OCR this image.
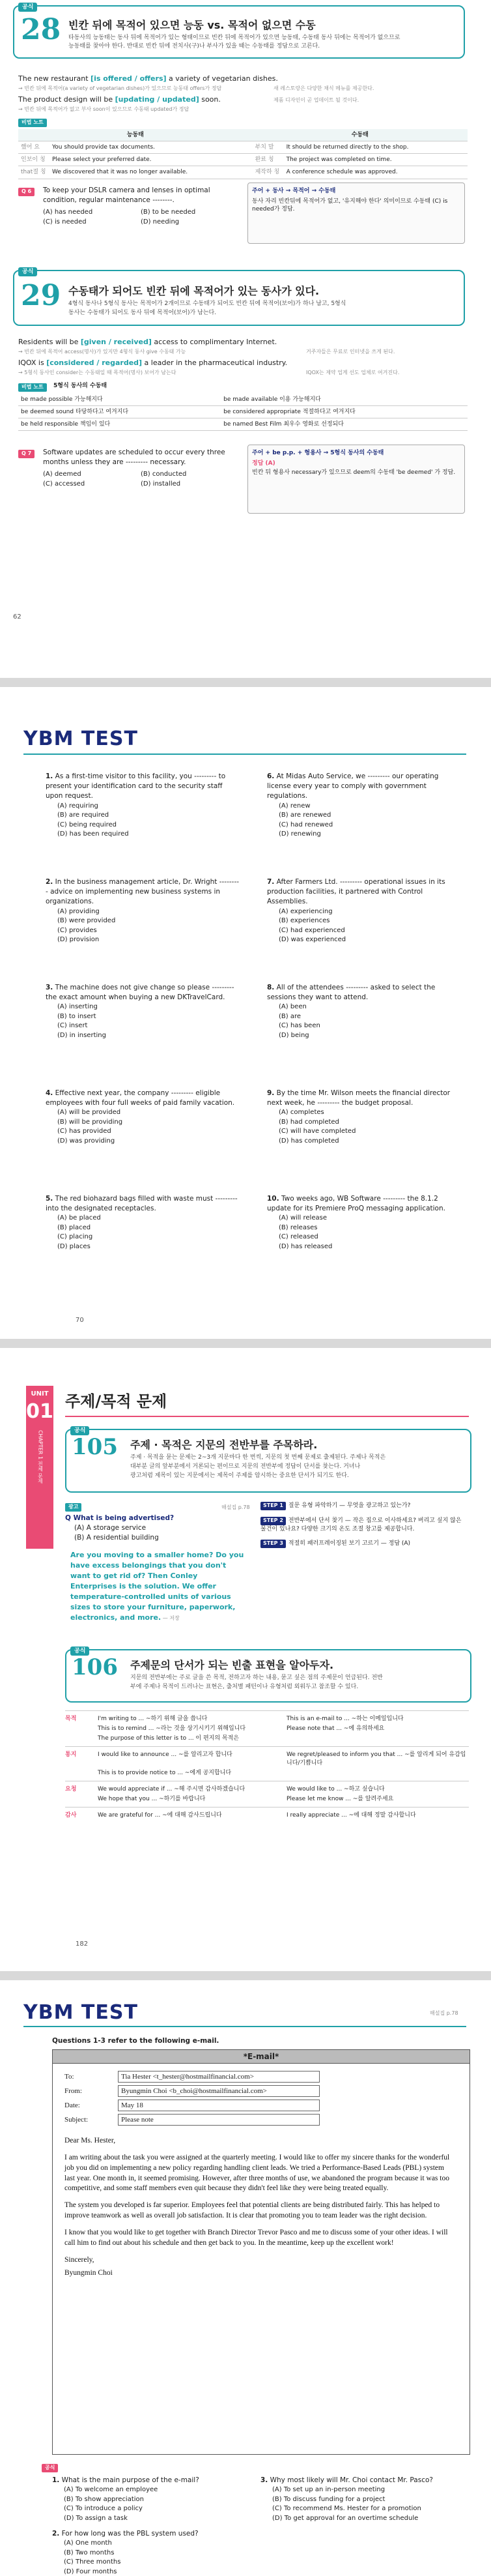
공식
28 빈칸 뒤에 목적어 있으면 능동 vs. 목적어 없으면 수동
타동사의 능동태는 동사 뒤에 목적어가 있는 형태이므로 빈칸 뒤에 목적어가 있으면 능동태, 수동태 동사 뒤에는 목적어가 없으므로
능동태를 찾아야 한다. 반대로 빈칸 뒤에 전치사(구)나 부사가 있을 때는 수동태를 정답으로 고른다.
The new restaurant [is offered / offers] a variety of vegetarian dishes.
→ 빈칸 뒤에 목적어(a variety of vegetarian dishes)가 있으므로 능동태 offers가 정답	새 레스토랑은 다양한 채식 메뉴를 제공한다.
The product design will be [updating / updated] soon.	제품 디자인이 곧 업데이트 될 것이다.
→ 빈칸 뒤에 목적어가 없고 부사 soon이 있으므로 수동태 updated가 정답
비법 노트
능동태		수동태	
했어 요	You should provide tax documents.	부치 말	It should be returned directly to the shop.
인보이 칭	Please select your preferred date.	완료 칭	The project was completed on time.
that절 칭	We discovered that it was no longer available.	제작하 칭	A conference schedule was approved.
Q 6	To keep your DSLR camera and lenses in optimal condition, regular maintenance --------.
(A) has needed	(B) to be needed
(C) is needed	(D) needing
주어 + 동사 → 목적어 → 수동태
동사 자리 빈칸뒤에 목적어가 없고, '유지해야 한다' 의미이므로 수동태 (C) is needed가 정답.
공식
29 수동태가 되어도 빈칸 뒤에 목적어가 있는 동사가 있다.
4형식 동사나 5형식 동사는 목적어가 2개이므로 수동태가 되어도 빈칸 뒤에 목적어(보어)가 하나 남고, 5형식
동사는 수동태가 되어도 동사 뒤에 목적어(보어)가 남는다.
Residents will be [given / received] access to complimentary Internet.
→ 빈칸 뒤에 목적어 access(명사)가 있지만 4형식 동사 give 수동태 가능	거주자들은 무료로 인터넷을 쓰게 된다.
IQOX is [considered / regarded] a leader in the pharmaceutical industry.
→ 5형식 동사인 consider는 수동태일 때 목적어(명사) 보어가 남는다	IQOX는 제약 업계 선도 업체로 여겨진다.
비법 노트	5형식 동사의 수동태
be made possible 가능해지다	be made available 이용 가능해지다
be deemed sound 타당하다고 여겨지다	be considered appropriate 적절하다고 여겨지다
be held responsible 책임이 있다	be named Best Film 최우수 영화로 선정되다
Q 7	Software updates are scheduled to occur every three months unless they are --------- necessary.
(A) deemed	(B) conducted
(C) accessed	(D) installed
주어 + be p.p. + 형용사 → 5형식 동사의 수동태
정답 (A)
빈칸 뒤 형용사 necessary가 있으므로 deem의 수동태 'be deemed' 가 정답.
62
YBM TEST
1. As a first-time visitor to this facility, you --------- to present your identification card to the security staff upon request.
(A) requiring
(B) are required
(C) being required
(D) has been required
2. In the business management article, Dr. Wright --------- advice on implementing new business systems in organizations.
(A) providing
(B) were provided
(C) provides
(D) provision
3. The machine does not give change so please --------- the exact amount when buying a new DKTravelCard.
(A) inserting
(B) to insert
(C) insert
(D) in inserting
4. Effective next year, the company --------- eligible employees with four full weeks of paid family vacation.
(A) will be provided
(B) will be providing
(C) has provided
(D) was providing
5. The red biohazard bags filled with waste must --------- into the designated receptacles.
(A) be placed
(B) placed
(C) placing
(D) places
6. At Midas Auto Service, we --------- our operating license every year to comply with government regulations.
(A) renew
(B) are renewed
(C) had renewed
(D) renewing
7. After Farmers Ltd. --------- operational issues in its production facilities, it partnered with Control Assemblies.
(A) experiencing
(B) experiences
(C) had experienced
(D) was experienced
8. All of the attendees --------- asked to select the sessions they want to attend.
(A) been
(B) are
(C) has been
(D) being
9. By the time Mr. Wilson meets the financial director next week, he --------- the budget proposal.
(A) completes
(B) had completed
(C) will have completed
(D) has completed
10. Two weeks ago, WB Software --------- the 8.1.2 update for its Premiere ProQ messaging application.
(A) will release
(B) releases
(C) released
(D) has released
70
UNIT
01
CHAPTER 1 전체 문제
주제/목적 문제
공식
105 주제 · 목적은 지문의 전반부를 주목하라.
주제 · 목적을 묻는 문제는 2~3개 지문마다 한 번씩, 지문의 첫 번째 문제로 출제된다. 주제나 목적은
대부분 글의 앞부분에서 거론되는 편이므로 지문의 전반부에 정답이 단서를 찾는다. 거녀나
광고처럼 제목이 있는 지문에서는 제목이 주제를 암시하는 중요한 단서가 되기도 한다.
광고	해설집 p.78
Q What is being advertised?
(A) A storage service
(B) A residential building
Are you moving to a smaller home? Do you have excess belongings that you don't want to get rid of? Then Conley Enterprises is the solution. We offer temperature-controlled units of various sizes to store your furniture, paperwork, electronics, and more. — 저장
STEP 1 질문 유형 파악하기 — 무엇을 광고하고 있는가?
STEP 2 전반부에서 단서 찾기 — 작은 집으로 이사하세요? 버리고 싶지 않은 물건이 있나요? 다양한 크기의 온도 조절 창고를 제공합니다.
STEP 3 적절히 패러프레이징된 보기 고르기 — 정답 (A)
공식
106 주제문의 단서가 되는 빈출 표현을 알아두자.
지문의 전반부에는 주로 글을 쓴 목적, 전하고자 하는 내용, 묻고 싶은 점의 주제문이 언급된다. 전반
부에 주제나 목적이 드러나는 표현은, 출처별 패턴이나 유형처럼 외워두고 참조할 수 있다.
목적	I'm writing to ... ~하기 위해 글을 씁니다	This is an e-mail to ... ~하는 이메일입니다
This is to remind ... ~라는 것을 상기시키기 위해입니다	Please note that ... ~에 유의하세요
The purpose of this letter is to ... 이 편지의 목적은
통지	I would like to announce ... ~를 알리고자 합니다	We regret/pleased to inform you that ... ~를 알리게 되어 유감입니다/기쁩니다
This is to provide notice to ... ~에게 공지합니다
요청	We would appreciate if ... ~해 주시면 감사하겠습니다	We would like to ... ~하고 싶습니다
We hope that you ... ~하기를 바랍니다	Please let me know ... ~를 알려주세요
감사	We are grateful for ... ~에 대해 감사드립니다	I really appreciate ... ~에 대해 정말 감사합니다
182
YBM TEST	해설집 p.78
Questions 1-3 refer to the following e-mail.
*E-mail*
To:	Tia Hester <t_hester@hostmailfinancial.com>
From:	Byungmin Choi <b_choi@hostmailfinancial.com>
Date:	May 18
Subject:	Please note

Dear Ms. Hester,

I am writing about the task you were assigned at the quarterly meeting. I would like to offer my sincere thanks for the wonderful job you did on implementing a new policy regarding handling client leads. We tried a Performance-Based Leads (PBL) system last year. One month in, it seemed promising. However, after three months of use, we abandoned the program because it was too competitive, and some staff members even quit because they didn't feel like they were being treated equally.

The system you developed is far superior. Employees feel that potential clients are being distributed fairly. This has helped to improve teamwork as well as overall job satisfaction. It is clear that promoting you to team leader was the right decision.

I know that you would like to get together with Branch Director Trevor Pasco and me to discuss some of your other ideas. I will call him to find out about his schedule and then get back to you. In the meantime, keep up the excellent work!

Sincerely,

Byungmin Choi

공식
1. What is the main purpose of the e-mail?
(A) To welcome an employee
(B) To show appreciation
(C) To introduce a policy
(D) To assign a task
2. For how long was the PBL system used?
(A) One month
(B) Two months
(C) Three months
(D) Four months
3. Why most likely will Mr. Choi contact Mr. Pasco?
(A) To set up an in-person meeting
(B) To discuss funding for a project
(C) To recommend Ms. Hester for a promotion
(D) To get approval for an overtime schedule
